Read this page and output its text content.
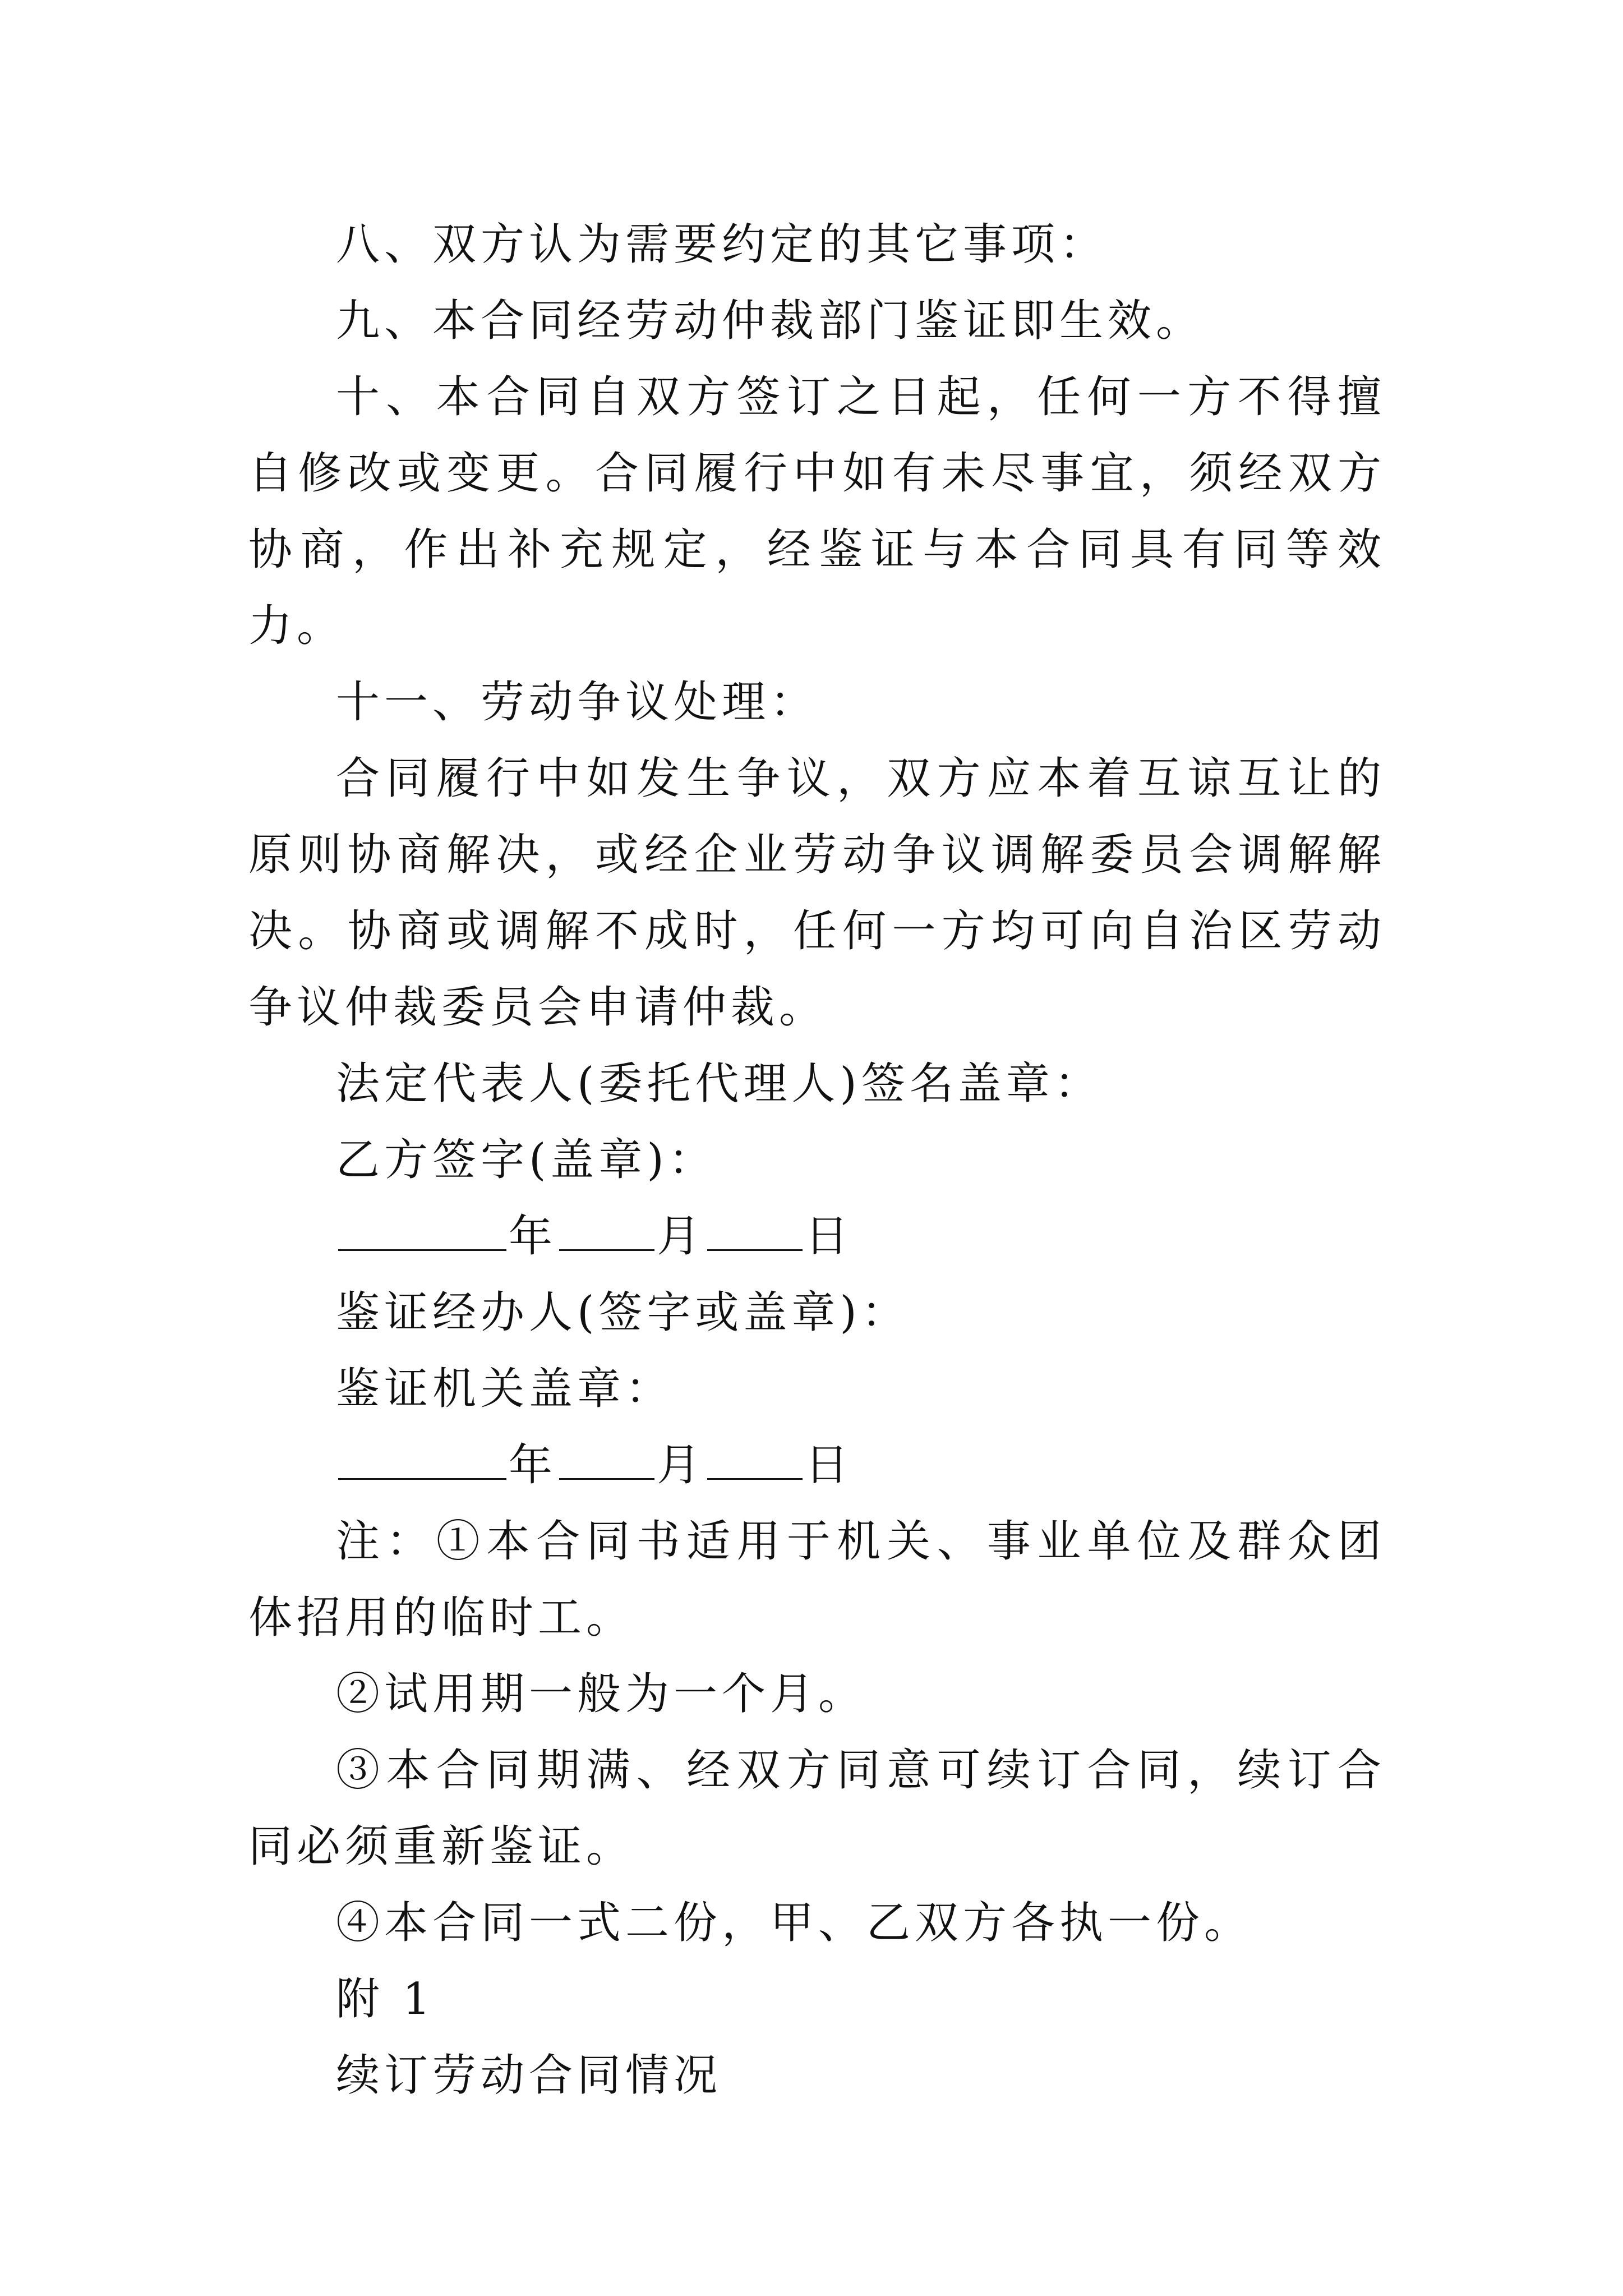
八、双方认为需要约定的其它事项：

九、本合同经劳动仲裁部门鉴证即生效。

十、本合同自双方签订之日起，任何一方不得擅自修改或变更。合同履行中如有未尽事宜，须经双方协商，作出补充规定，经鉴证与本合同具有同等效力。

十一、劳动争议处理：

合同履行中如发生争议，双方应本着互谅互让的原则协商解决，或经企业劳动争议调解委员会调解解决。协商或调解不成时，任何一方均可向自治区劳动争议仲裁委员会申请仲裁。

法定代表人(委托代理人)签名盖章：

乙方签字(盖章)：

年 月 日

鉴证经办人(签字或盖章)：

鉴证机关盖章：

年 月 日

注：①本合同书适用于机关、事业单位及群众团体招用的临时工。

②试用期一般为一个月。

③本合同期满、经双方同意可续订合同，续订合同必须重新鉴证。

④本合同一式二份，甲、乙双方各执一份。

附 1

续订劳动合同情况
